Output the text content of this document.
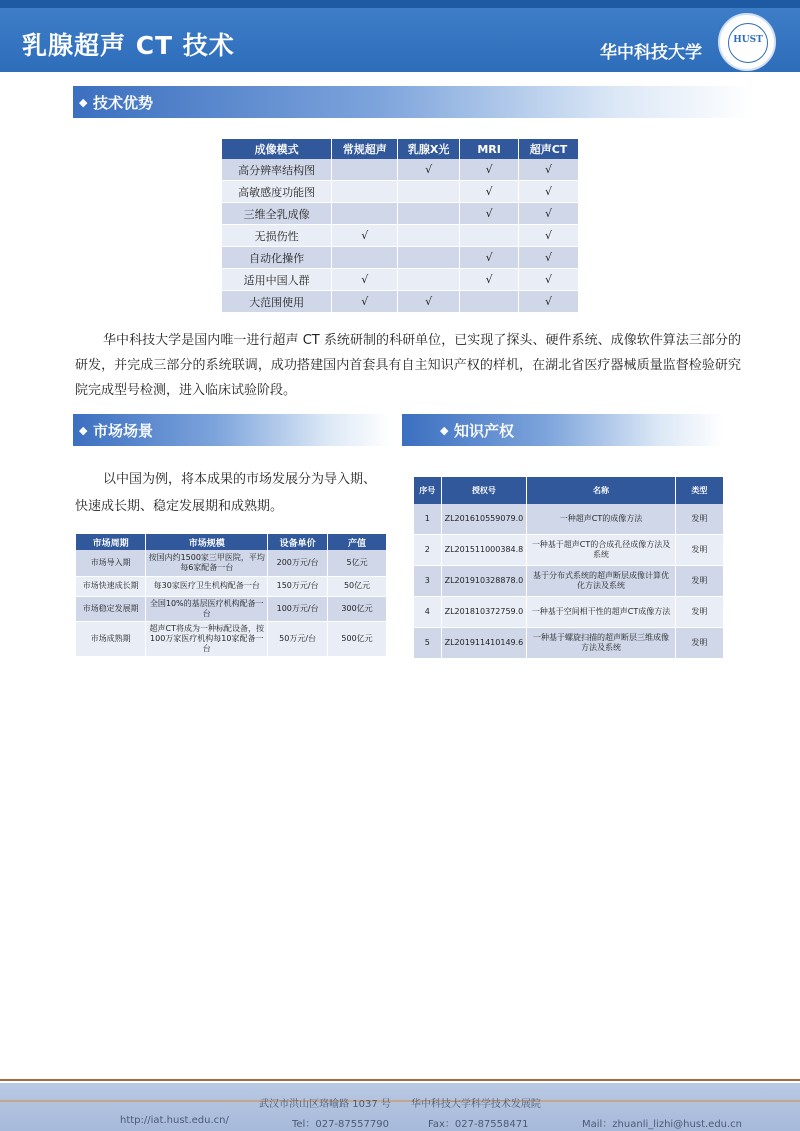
乳腺超声 CT 技术	华中科技大学
HUST
◆ 技术优势
成像模式	常规超声	乳腺X光	MRI	超声CT
高分辨率结构图		√	√	√
高敏感度功能图			√	√
三维全乳成像			√	√
无损伤性	√			√
自动化操作			√	√
适用中国人群	√		√	√
大范围使用	√	√		√
华中科技大学是国内唯一进行超声 CT 系统研制的科研单位，已实现了探头、硬件系统、成像软件算法三部分的研发，并完成三部分的系统联调，成功搭建国内首套具有自主知识产权的样机，在湖北省医疗器械质量监督检验研究院完成型号检测，进入临床试验阶段。
◆ 市场场景
以中国为例，将本成果的市场发展分为导入期、快速成长期、稳定发展期和成熟期。
市场周期	市场规模	设备单价	产值
市场导入期	按国内约1500家三甲医院，平均每6家配备一台	200万元/台	5亿元
市场快速成长期	每30家医疗卫生机构配备一台	150万元/台	50亿元
市场稳定发展期	全国10%的基层医疗机构配备一台	100万元/台	300亿元
市场成熟期	超声CT将成为一种标配设备，按100万家医疗机构每10家配备一台	50万元/台	500亿元
◆ 知识产权
序号	授权号	名称	类型
1	ZL201610559079.0	一种超声CT的成像方法	发明
2	ZL201511000384.8	一种基于超声CT的合成孔径成像方法及系统	发明
3	ZL201910328878.0	基于分布式系统的超声断层成像计算优化方法及系统	发明
4	ZL201810372759.0	一种基于空间相干性的超声CT成像方法	发明
5	ZL201911410149.6	一种基于螺旋扫描的超声断层三维成像方法及系统	发明
武汉市洪山区珞喻路 1037 号　　华中科技大学科学技术发展院
http://iat.hust.edu.cn/	Tel：027-87557790	Fax：027-87558471	Mail：zhuanli_lizhi@hust.edu.cn
